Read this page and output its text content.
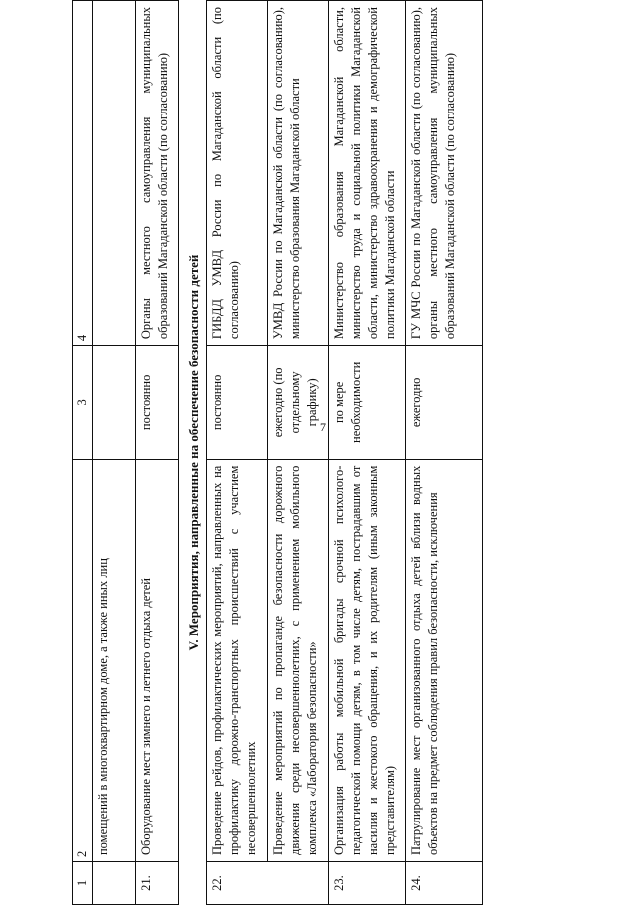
7
1	2	3	4
	помещений в многоквартирном доме, а также иных лиц		
21.	Оборудование мест зимнего и летнего отдыха детей	постоянно	Органы местного самоуправления муниципальных образований Магаданской области (по согласованию)
V. Мероприятия, направленные на обеспечение безопасности детей			
22.	Проведение рейдов, профилактических мероприятий, направленных на профилактику дорожно-транспортных происшествий с участием несовершеннолетних	постоянно	ГИБДД УМВД России по Магаданской области (по согласованию)
	Проведение мероприятий по пропаганде безопасности дорожного движения среди несовершеннолетних, с применением мобильного комплекса «Лаборатория безопасности»	ежегодно (по отдельному графику)	УМВД России по Магаданской области (по согласованию), министерство образования Магаданской области
23.	Организация работы мобильной бригады срочной психолого-педагогической помощи детям, в том числе детям, пострадавшим от насилия и жестокого обращения, и их родителям (иным законным представителям)	по мере необходимости	Министерство образования Магаданской области, министерство труда и социальной политики Магаданской области, министерство здравоохранения и демографической политики Магаданской области
24.	Патрулирование мест организованного отдыха детей вблизи водных объектов на предмет соблюдения правил безопасности, исключения	ежегодно	ГУ МЧС России по Магаданской области (по согласованию), органы местного самоуправления муниципальных образований Магаданской области (по согласованию)
